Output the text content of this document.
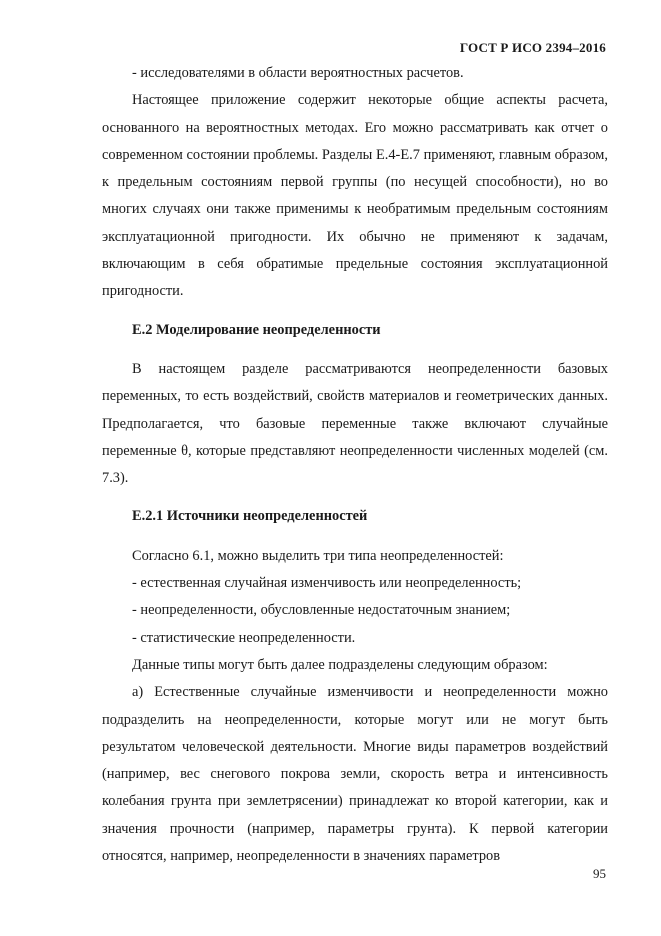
ГОСТ Р ИСО 2394–2016

- исследователями в области вероятностных расчетов.

Настоящее приложение содержит некоторые общие аспекты расчета, основанного на вероятностных методах. Его можно рассматривать как отчет о современном состоянии проблемы. Разделы Е.4-Е.7 применяют, главным образом, к предельным состояниям первой группы (по несущей способности), но во многих случаях они также применимы к необратимым предельным состояниям эксплуатационной пригодности. Их обычно не применяют к задачам, включающим в себя обратимые предельные состояния эксплуатационной пригодности.

Е.2 Моделирование неопределенности

В настоящем разделе рассматриваются неопределенности базовых переменных, то есть воздействий, свойств материалов и геометрических данных. Предполагается, что базовые переменные также включают случайные переменные θ, которые представляют неопределенности численных моделей (см. 7.3).

Е.2.1 Источники неопределенностей

Согласно 6.1, можно выделить три типа неопределенностей:

- естественная случайная изменчивость или неопределенность;

- неопределенности, обусловленные недостаточным знанием;

- статистические неопределенности.

Данные типы могут быть далее подразделены следующим образом:

а) Естественные случайные изменчивости и неопределенности можно подразделить на неопределенности, которые могут или не могут быть результатом человеческой деятельности. Многие виды параметров воздействий (например, вес снегового покрова земли, скорость ветра и интенсивность колебания грунта при землетрясении) принадлежат ко второй категории, как и значения прочности (например, параметры грунта). К первой категории относятся, например, неопределенности в значениях параметров

95
